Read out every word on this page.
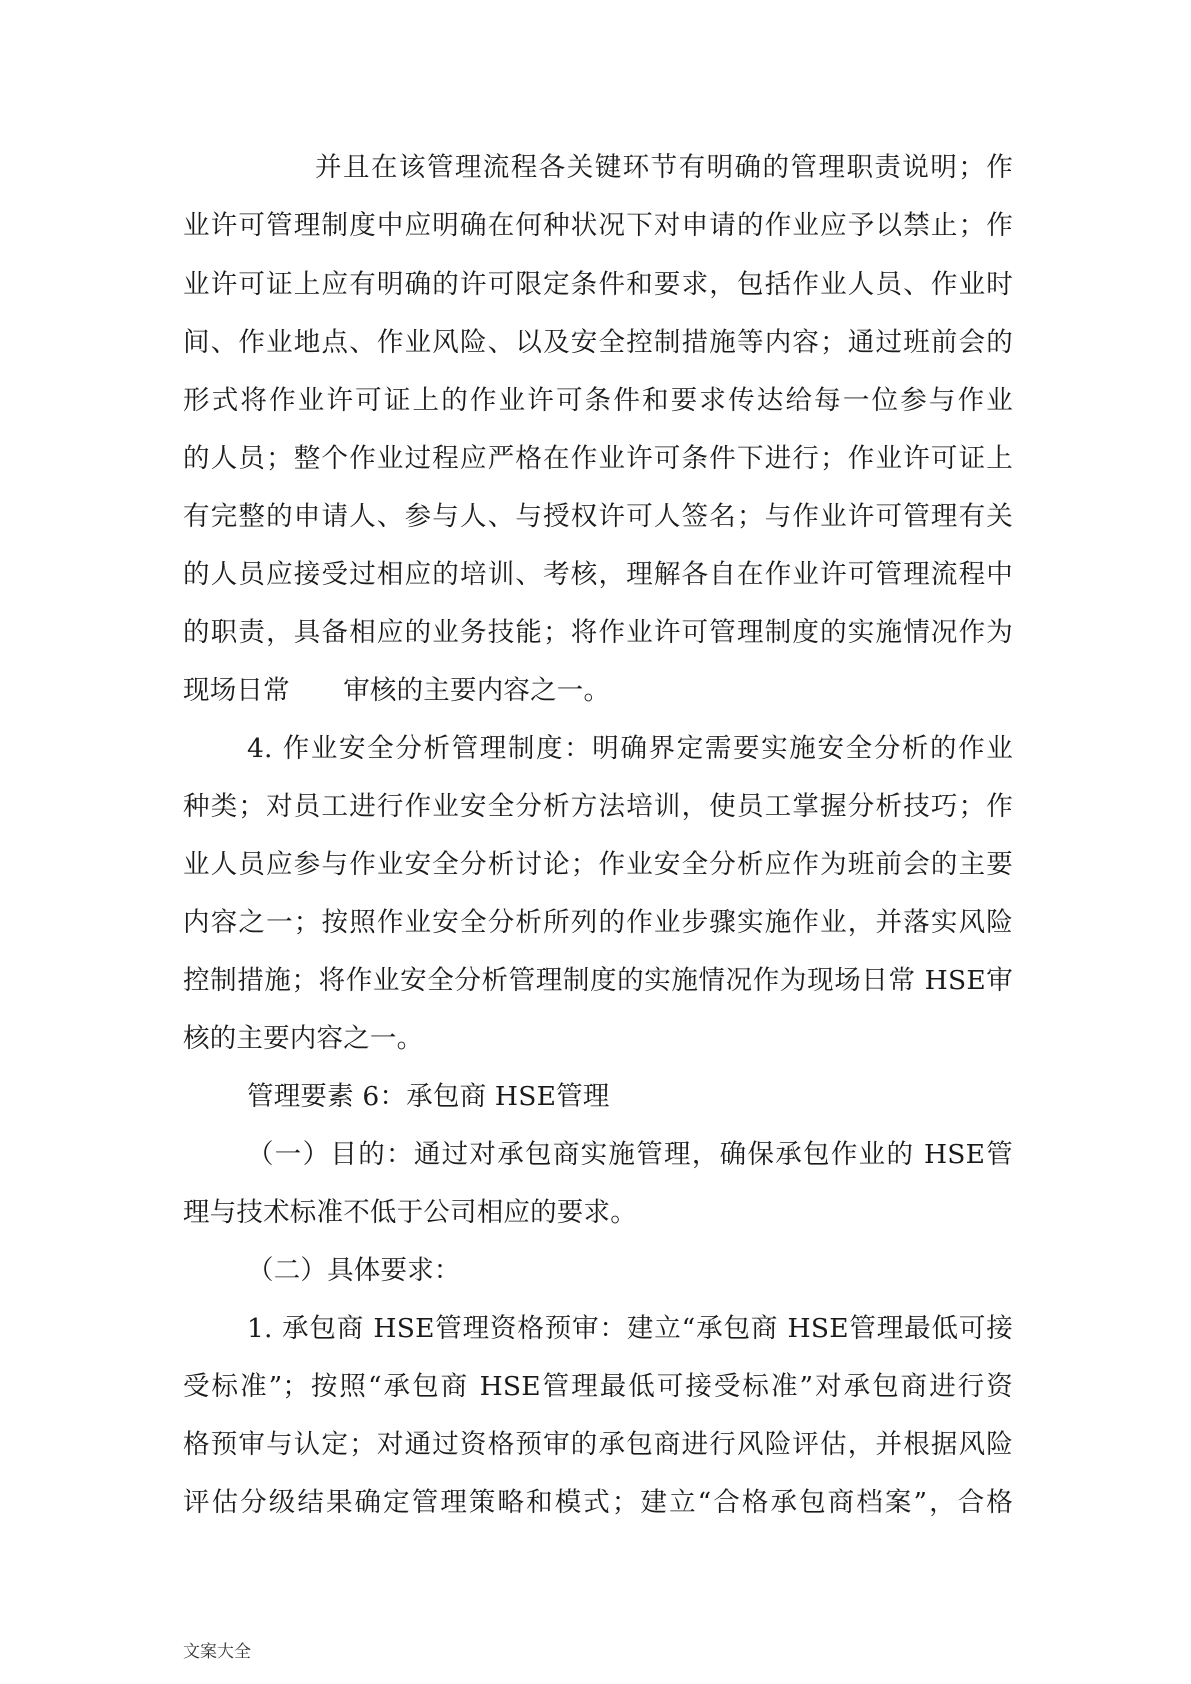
并且在该管理流程各关键环节有明确的管理职责说明；作
业许可管理制度中应明确在何种状况下对申请的作业应予以禁止；作
业许可证上应有明确的许可限定条件和要求，包括作业人员、作业时
间、作业地点、作业风险、以及安全控制措施等内容；通过班前会的
形式将作业许可证上的作业许可条件和要求传达给每一位参与作业
的人员；整个作业过程应严格在作业许可条件下进行；作业许可证上
有完整的申请人、参与人、与授权许可人签名；与作业许可管理有关
的人员应接受过相应的培训、考核，理解各自在作业许可管理流程中
的职责，具备相应的业务技能；将作业许可管理制度的实施情况作为
现场日常　　审核的主要内容之一。
4. 作业安全分析管理制度：明确界定需要实施安全分析的作业
种类；对员工进行作业安全分析方法培训，使员工掌握分析技巧；作
业人员应参与作业安全分析讨论；作业安全分析应作为班前会的主要
内容之一；按照作业安全分析所列的作业步骤实施作业，并落实风险
控制措施；将作业安全分析管理制度的实施情况作为现场日常 HSE审
核的主要内容之一。
管理要素 6：承包商 HSE管理
（一）目的：通过对承包商实施管理，确保承包作业的 HSE管
理与技术标准不低于公司相应的要求。
（二）具体要求：
1. 承包商 HSE管理资格预审：建立“承包商 HSE管理最低可接
受标准”；按照“承包商 HSE管理最低可接受标准”对承包商进行资
格预审与认定；对通过资格预审的承包商进行风险评估，并根据风险
评估分级结果确定管理策略和模式；建立“合格承包商档案”，合格
文案大全
